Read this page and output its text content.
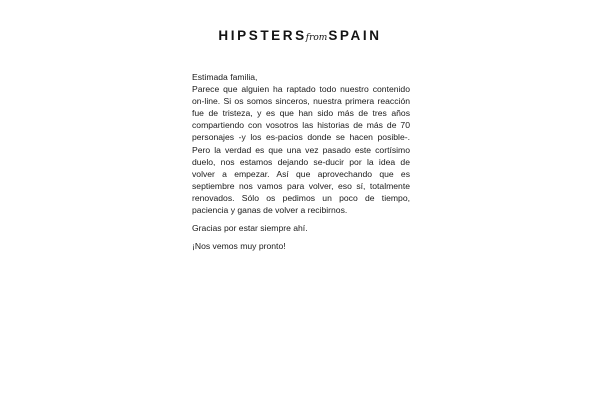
HIPSTERSfromSPAIN

Estimada familia,

Parece que alguien ha raptado todo nuestro contenido on-line. Si os somos sinceros, nuestra primera reacción fue de tristeza, y es que han sido más de tres años compartiendo con vosotros las historias de más de 70 personajes -y los es-pacios donde se hacen posible-. Pero la verdad es que una vez pasado este cortísimo duelo, nos estamos dejando se-ducir por la idea de volver a empezar. Así que aprovechando que es septiembre nos vamos para volver, eso sí, totalmente renovados. Sólo os pedimos un poco de tiempo, paciencia y ganas de volver a recibirnos.

Gracias por estar siempre ahí.

¡Nos vemos muy pronto!
